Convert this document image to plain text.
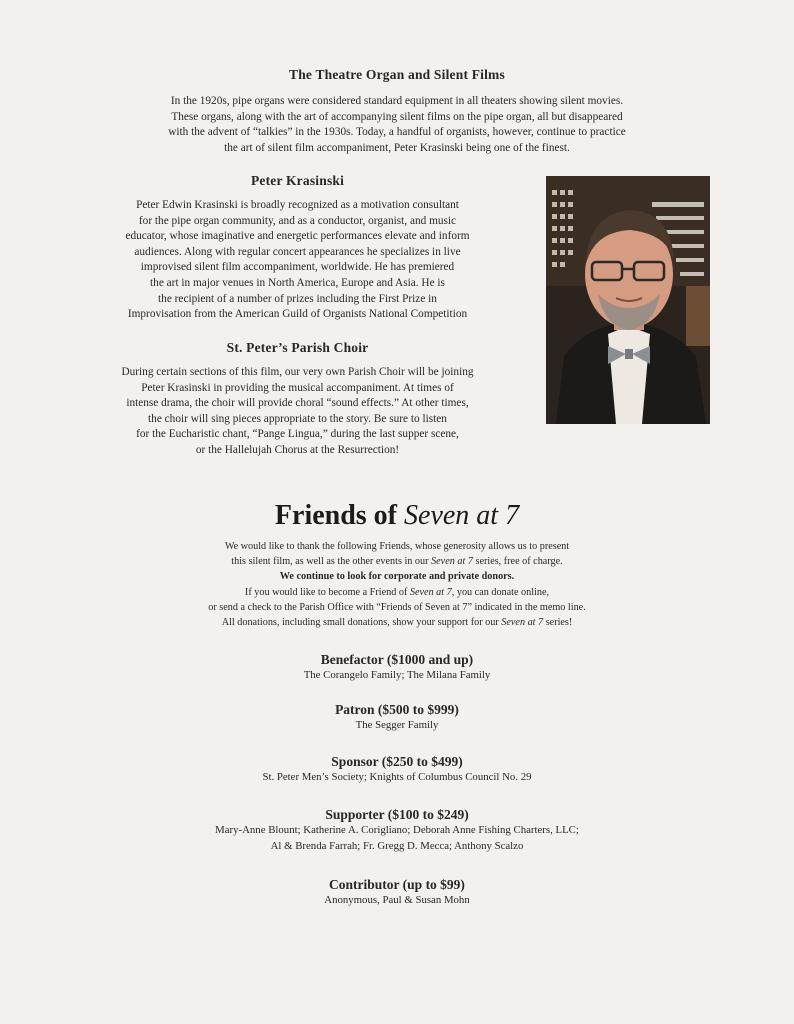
The Theatre Organ and Silent Films
In the 1920s, pipe organs were considered standard equipment in all theaters showing silent movies.
These organs, along with the art of accompanying silent films on the pipe organ, all but disappeared
with the advent of “talkies” in the 1930s. Today, a handful of organists, however, continue to practice
the art of silent film accompaniment, Peter Krasinski being one of the finest.
Peter Krasinski
Peter Edwin Krasinski is broadly recognized as a motivation consultant
for the pipe organ community, and as a conductor, organist, and music
educator, whose imaginative and energetic performances elevate and inform
audiences. Along with regular concert appearances he specializes in live
improvised silent film accompaniment, worldwide. He has premiered
the art in major venues in North America, Europe and Asia. He is
the recipient of a number of prizes including the First Prize in
Improvisation from the American Guild of Organists National Competition
St. Peter’s Parish Choir
During certain sections of this film, our very own Parish Choir will be joining
Peter Krasinski in providing the musical accompaniment. At times of
intense drama, the choir will provide choral “sound effects.” At other times,
the choir will sing pieces appropriate to the story. Be sure to listen
for the Eucharistic chant, “Pange Lingua,” during the last supper scene,
or the Hallelujah Chorus at the Resurrection!
Friends of Seven at 7
We would like to thank the following Friends, whose generosity allows us to present
this silent film, as well as the other events in our Seven at 7 series, free of charge.
We continue to look for corporate and private donors.
If you would like to become a Friend of Seven at 7, you can donate online,
or send a check to the Parish Office with “Friends of Seven at 7” indicated in the memo line.
All donations, including small donations, show your support for our Seven at 7 series!
Benefactor ($1000 and up)
The Corangelo Family; The Milana Family
Patron ($500 to $999)
The Segger Family
Sponsor ($250 to $499)
St. Peter Men’s Society; Knights of Columbus Council No. 29
Supporter ($100 to $249)
Mary-Anne Blount; Katherine A. Corigliano; Deborah Anne Fishing Charters, LLC;
Al & Brenda Farrah; Fr. Gregg D. Mecca; Anthony Scalzo
Contributor (up to $99)
Anonymous, Paul & Susan Mohn
